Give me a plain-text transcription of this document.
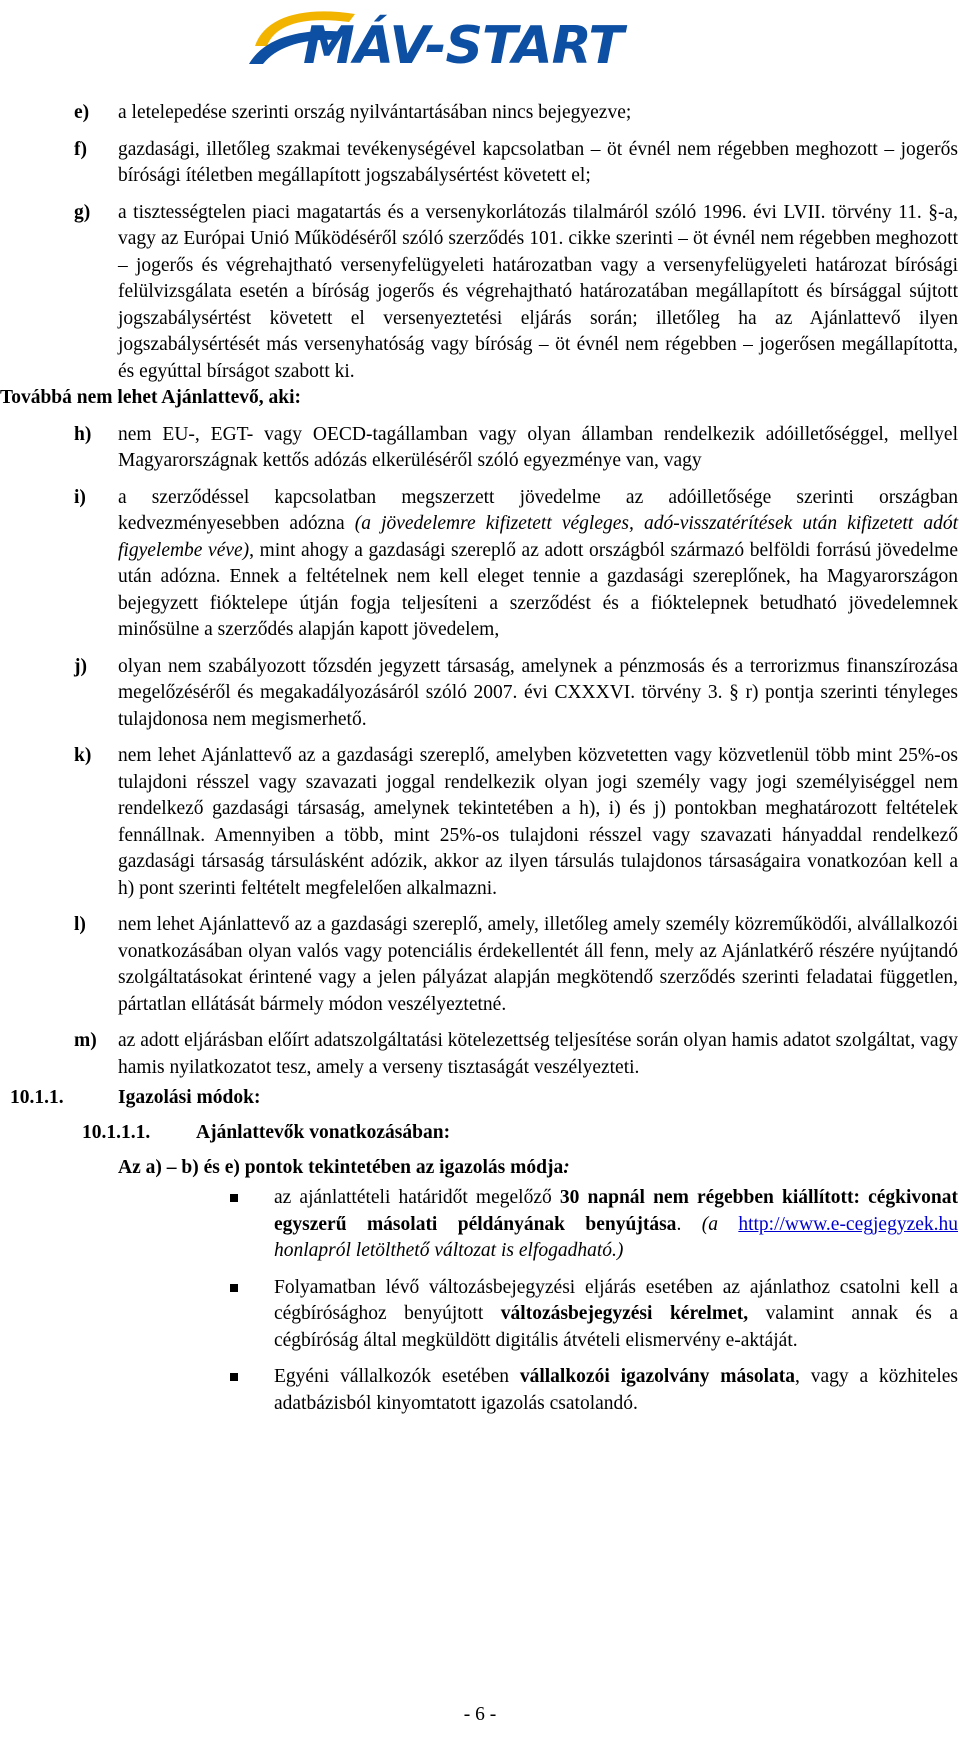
MÁV-START
e) a letelepedése szerinti ország nyilvántartásában nincs bejegyezve;
f) gazdasági, illetőleg szakmai tevékenységével kapcsolatban – öt évnél nem régebben meghozott – jogerős bírósági ítéletben megállapított jogszabálysértést követett el;
g) a tisztességtelen piaci magatartás és a versenykorlátozás tilalmáról szóló 1996. évi LVII. törvény 11. §-a, vagy az Európai Unió Működéséről szóló szerződés 101. cikke szerinti – öt évnél nem régebben meghozott – jogerős és végrehajtható versenyfelügyeleti határozatban vagy a versenyfelügyeleti határozat bírósági felülvizsgálata esetén a bíróság jogerős és végrehajtható határozatában megállapított és bírsággal sújtott jogszabálysértést követett el versenyeztetési eljárás során; illetőleg ha az Ajánlattevő ilyen jogszabálysértését más versenyhatóság vagy bíróság – öt évnél nem régebben – jogerősen megállapította, és egyúttal bírságot szabott ki.
Továbbá nem lehet Ajánlattevő, aki:
h) nem EU-, EGT- vagy OECD-tagállamban vagy olyan államban rendelkezik adóilletőséggel, mellyel Magyarországnak kettős adózás elkerüléséről szóló egyezménye van, vagy
i) a szerződéssel kapcsolatban megszerzett jövedelme az adóilletősége szerinti országban kedvezményesebben adózna (a jövedelemre kifizetett végleges, adó-visszatérítések után kifizetett adót figyelembe véve), mint ahogy a gazdasági szereplő az adott országból származó belföldi forrású jövedelme után adózna. Ennek a feltételnek nem kell eleget tennie a gazdasági szereplőnek, ha Magyarországon bejegyzett fióktelepe útján fogja teljesíteni a szerződést és a fióktelepnek betudható jövedelemnek minősülne a szerződés alapján kapott jövedelem,
j) olyan nem szabályozott tőzsdén jegyzett társaság, amelynek a pénzmosás és a terrorizmus finanszírozása megelőzéséről és megakadályozásáról szóló 2007. évi CXXXVI. törvény 3. § r) pontja szerinti tényleges tulajdonosa nem megismerhető.
k) nem lehet Ajánlattevő az a gazdasági szereplő, amelyben közvetetten vagy közvetlenül több mint 25%-os tulajdoni résszel vagy szavazati joggal rendelkezik olyan jogi személy vagy jogi személyiséggel nem rendelkező gazdasági társaság, amelynek tekintetében a h), i) és j) pontokban meghatározott feltételek fennállnak. Amennyiben a több, mint 25%-os tulajdoni résszel vagy szavazati hányaddal rendelkező gazdasági társaság társulásként adózik, akkor az ilyen társulás tulajdonos társaságaira vonatkozóan kell a h) pont szerinti feltételt megfelelően alkalmazni.
l) nem lehet Ajánlattevő az a gazdasági szereplő, amely, illetőleg amely személy közreműködői, alvállalkozói vonatkozásában olyan valós vagy potenciális érdekellentét áll fenn, mely az Ajánlatkérő részére nyújtandó szolgáltatásokat érintené vagy a jelen pályázat alapján megkötendő szerződés szerinti feladatai független, pártatlan ellátását bármely módon veszélyeztetné.
m) az adott eljárásban előírt adatszolgáltatási kötelezettség teljesítése során olyan hamis adatot szolgáltat, vagy hamis nyilatkozatot tesz, amely a verseny tisztaságát veszélyezteti.
10.1.1.	Igazolási módok:
10.1.1.1. Ajánlattevők vonatkozásában:
Az a) – b) és e) pontok tekintetében az igazolás módja:
az ajánlattételi határidőt megelőző 30 napnál nem régebben kiállított: cégkivonat egyszerű másolati példányának benyújtása. (a http://www.e-cegjegyzek.hu honlapról letölthető változat is elfogadható.)
Folyamatban lévő változásbejegyzési eljárás esetében az ajánlathoz csatolni kell a cégbírósághoz benyújtott változásbejegyzési kérelmet, valamint annak és a cégbíróság által megküldött digitális átvételi elismervény e-aktáját.
Egyéni vállalkozók esetében vállalkozói igazolvány másolata, vagy a közhiteles adatbázisból kinyomtatott igazolás csatolandó.
- 6 -
